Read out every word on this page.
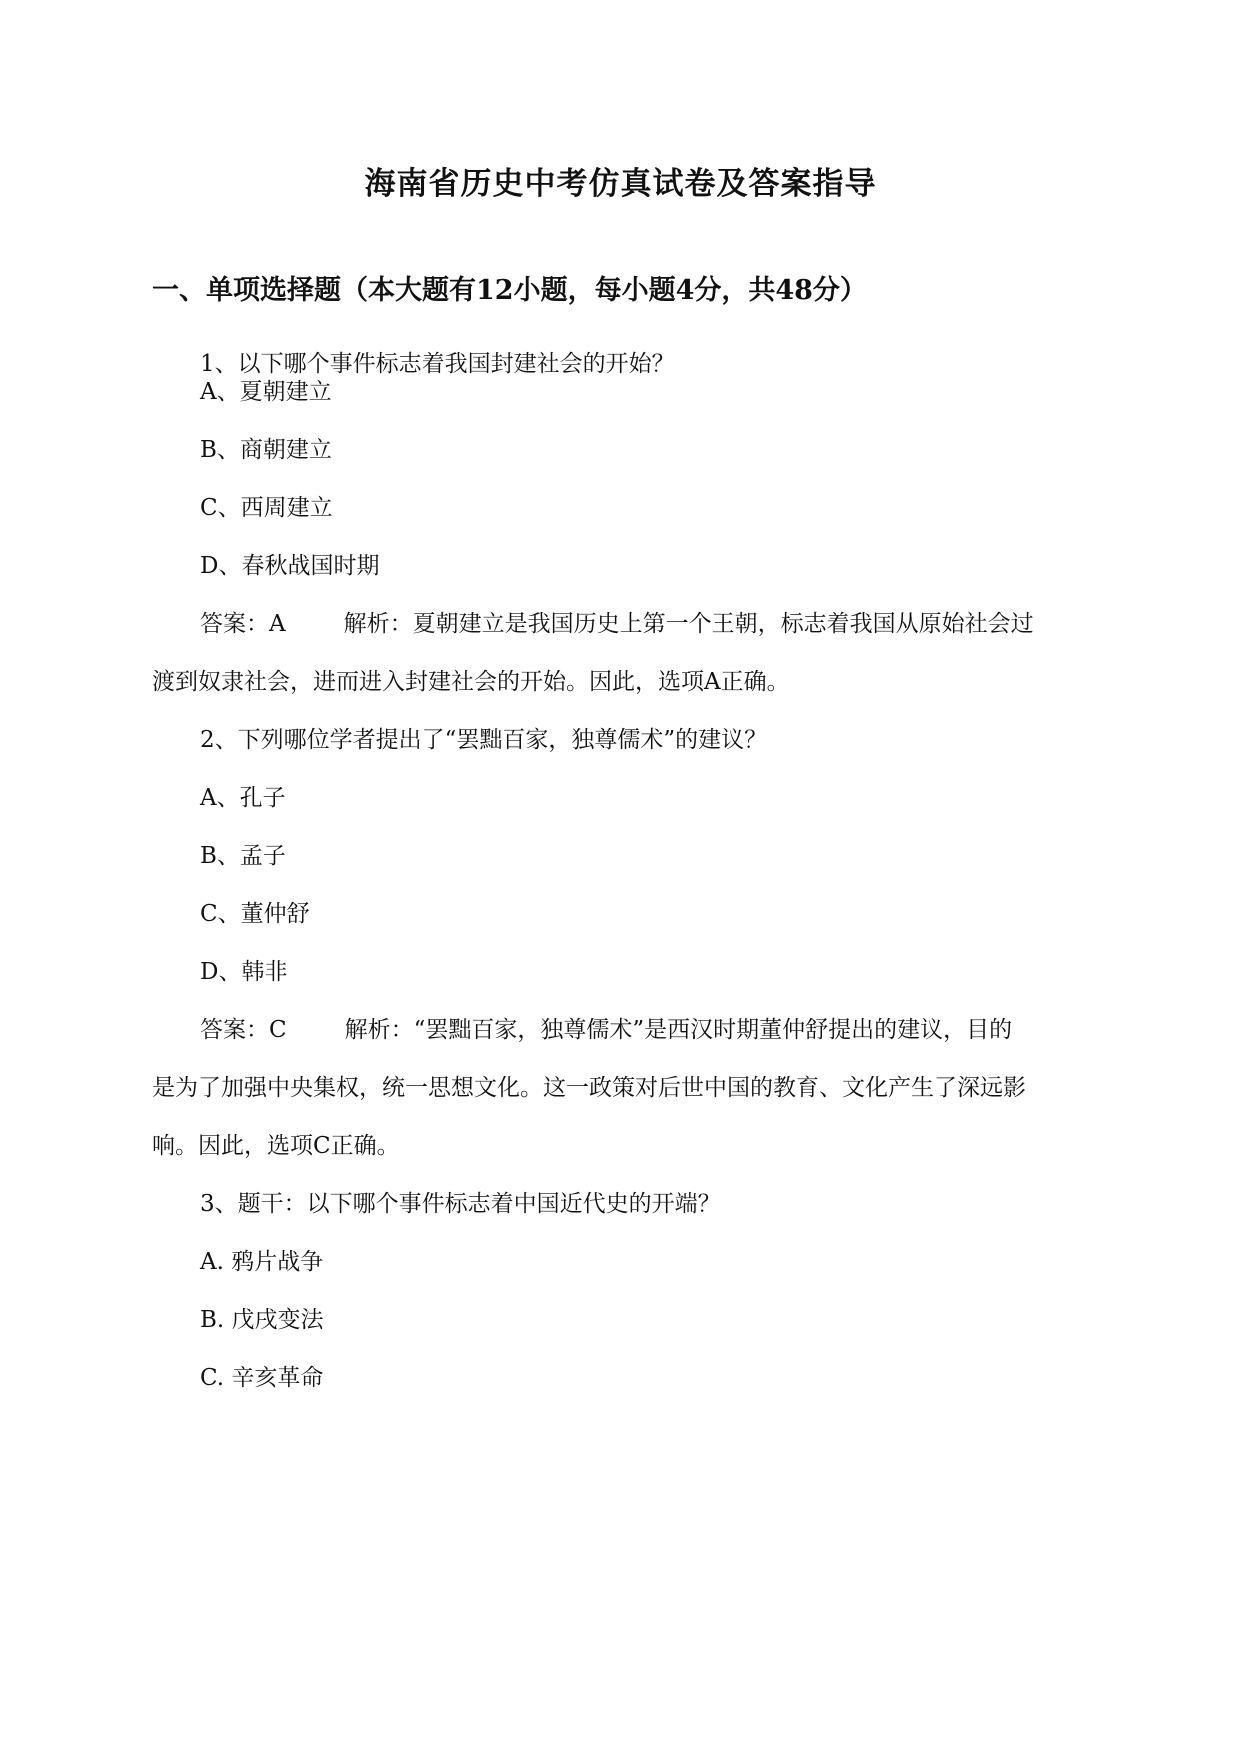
海南省历史中考仿真试卷及答案指导
一、单项选择题（本大题有12小题，每小题4分，共48分）
1、以下哪个事件标志着我国封建社会的开始？
A、夏朝建立
B、商朝建立
C、西周建立
D、春秋战国时期
答案：A	解析：夏朝建立是我国历史上第一个王朝，标志着我国从原始社会过
渡到奴隶社会，进而进入封建社会的开始。因此，选项A正确。
2、下列哪位学者提出了“罢黜百家，独尊儒术”的建议？
A、孔子
B、孟子
C、董仲舒
D、韩非
答案：C	解析：“罢黜百家，独尊儒术”是西汉时期董仲舒提出的建议，目的
是为了加强中央集权，统一思想文化。这一政策对后世中国的教育、文化产生了深远影
响。因此，选项C正确。
3、题干：以下哪个事件标志着中国近代史的开端？
A. 鸦片战争
B. 戊戌变法
C. 辛亥革命
